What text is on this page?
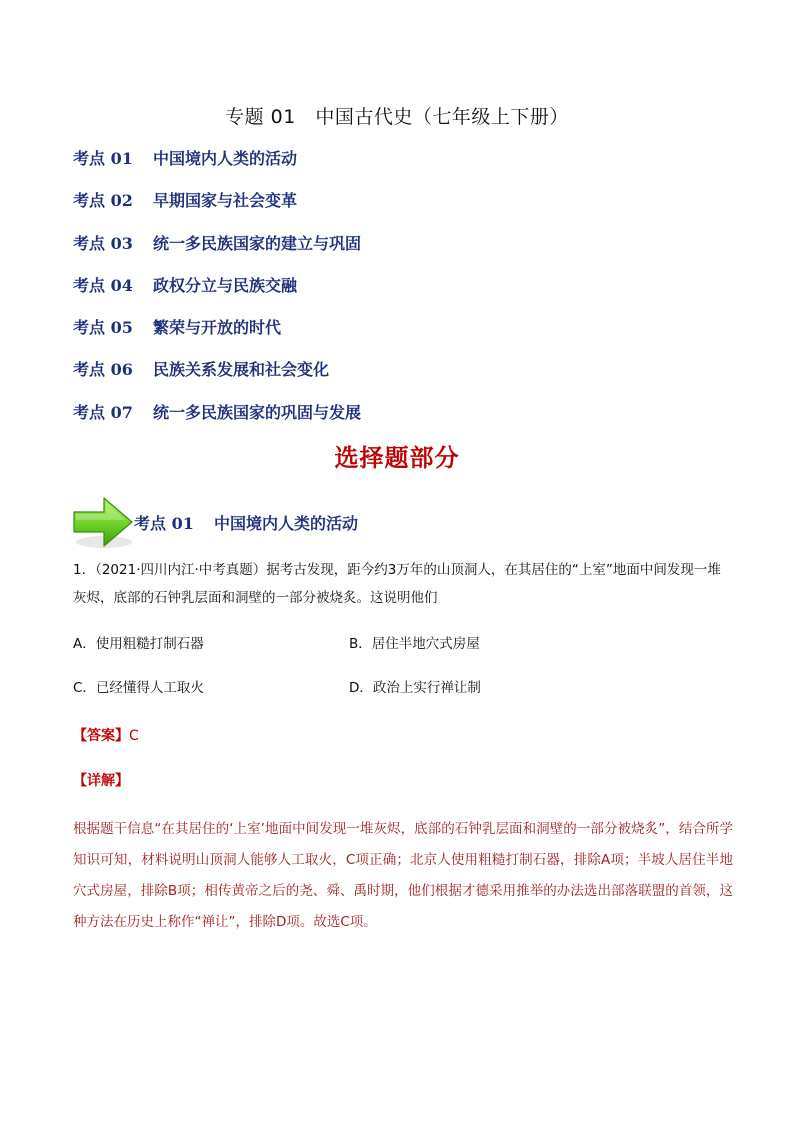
专题 01　中国古代史（七年级上下册）
考点 01 中国境内人类的活动
考点 02 早期国家与社会变革
考点 03 统一多民族国家的建立与巩固
考点 04 政权分立与民族交融
考点 05 繁荣与开放的时代
考点 06 民族关系发展和社会变化
考点 07 统一多民族国家的巩固与发展
选择题部分
考点 01 中国境内人类的活动
1．（2021·四川内江·中考真题）据考古发现，距今约3万年的山顶洞人，在其居住的“上室”地面中间发现一堆灰烬，底部的石钟乳层面和洞壁的一部分被烧炙。这说明他们
A．使用粗糙打制石器	B．居住半地穴式房屋
C．已经懂得人工取火	D．政治上实行禅让制
【答案】C
【详解】
根据题干信息“在其居住的‘上室’地面中间发现一堆灰烬，底部的石钟乳层面和洞壁的一部分被烧炙”，结合所学知识可知，材料说明山顶洞人能够人工取火，C项正确；北京人使用粗糙打制石器，排除A项；半坡人居住半地穴式房屋，排除B项；相传黄帝之后的尧、舜、禹时期，他们根据才德采用推举的办法选出部落联盟的首领，这种方法在历史上称作“禅让”，排除D项。故选C项。
